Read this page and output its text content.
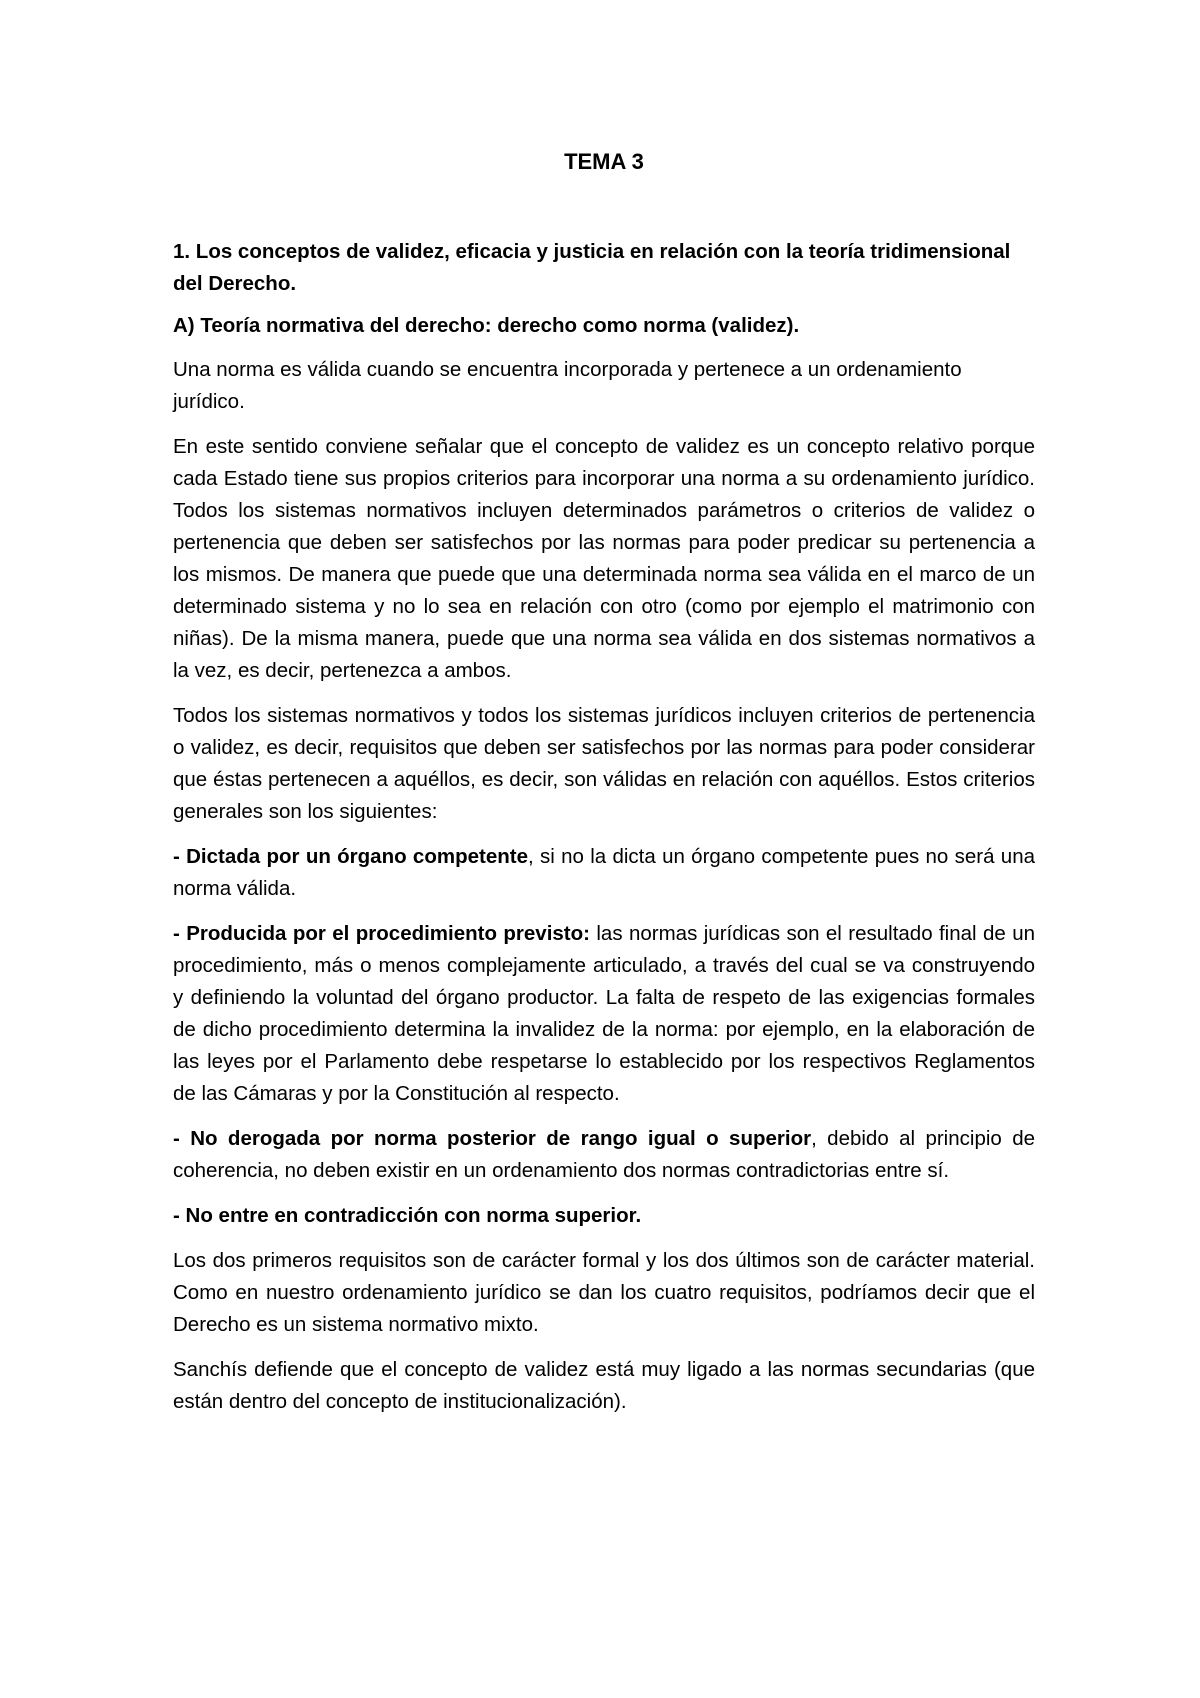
TEMA 3
1. Los conceptos de validez, eficacia y justicia en relación con la teoría tridimensional del Derecho.
A) Teoría normativa del derecho: derecho como norma (validez).

Una norma es válida cuando se encuentra incorporada y pertenece a un ordenamiento jurídico.

En este sentido conviene señalar que el concepto de validez es un concepto relativo porque cada Estado tiene sus propios criterios para incorporar una norma a su ordenamiento jurídico. Todos los sistemas normativos incluyen determinados parámetros o criterios de validez o pertenencia que deben ser satisfechos por las normas para poder predicar su pertenencia a los mismos. De manera que puede que una determinada norma sea válida en el marco de un determinado sistema y no lo sea en relación con otro (como por ejemplo el matrimonio con niñas). De la misma manera, puede que una norma sea válida en dos sistemas normativos a la vez, es decir, pertenezca a ambos.

Todos los sistemas normativos y todos los sistemas jurídicos incluyen criterios de pertenencia o validez, es decir, requisitos que deben ser satisfechos por las normas para poder considerar que éstas pertenecen a aquéllos, es decir, son válidas en relación con aquéllos. Estos criterios generales son los siguientes:

- Dictada por un órgano competente, si no la dicta un órgano competente pues no será una norma válida.

- Producida por el procedimiento previsto: las normas jurídicas son el resultado final de un procedimiento, más o menos complejamente articulado, a través del cual se va construyendo y definiendo la voluntad del órgano productor. La falta de respeto de las exigencias formales de dicho procedimiento determina la invalidez de la norma: por ejemplo, en la elaboración de las leyes por el Parlamento debe respetarse lo establecido por los respectivos Reglamentos de las Cámaras y por la Constitución al respecto.

- No derogada por norma posterior de rango igual o superior, debido al principio de coherencia, no deben existir en un ordenamiento dos normas contradictorias entre sí.

- No entre en contradicción con norma superior.

Los dos primeros requisitos son de carácter formal y los dos últimos son de carácter material. Como en nuestro ordenamiento jurídico se dan los cuatro requisitos, podríamos decir que el Derecho es un sistema normativo mixto.

Sanchís defiende que el concepto de validez está muy ligado a las normas secundarias (que están dentro del concepto de institucionalización).
